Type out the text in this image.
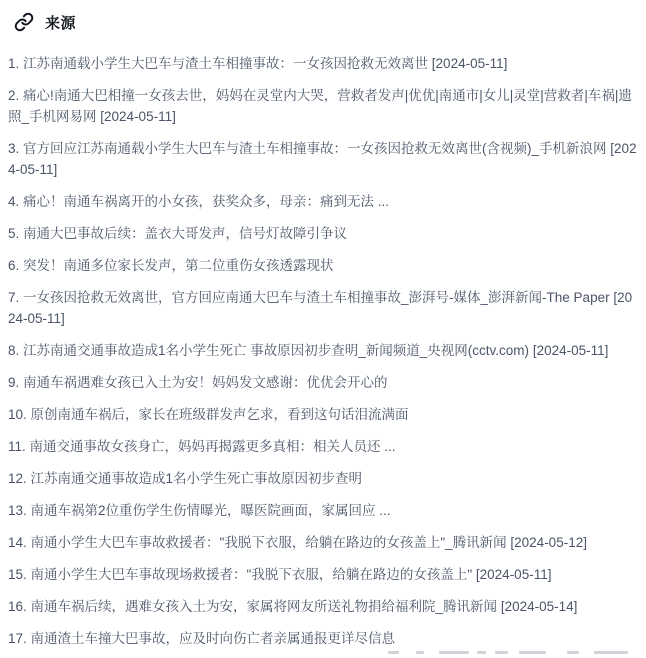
来源

1. 江苏南通载小学生大巴车与渣土车相撞事故：一女孩因抢救无效离世 [2024-05-11]

2. 痛心!南通大巴相撞一女孩去世，妈妈在灵堂内大哭，营救者发声|优优|南通市|女儿|灵堂|营救者|车祸|遗照_手机网易网 [2024-05-11]

3. 官方回应江苏南通载小学生大巴车与渣土车相撞事故：一女孩因抢救无效离世(含视频)_手机新浪网 [2024-05-11]

4. 痛心！南通车祸离开的小女孩，获奖众多，母亲：痛到无法 ...

5. 南通大巴事故后续：盖衣大哥发声，信号灯故障引争议

6. 突发！南通多位家长发声，第二位重伤女孩透露现状

7. 一女孩因抢救无效离世，官方回应南通大巴车与渣土车相撞事故_澎湃号-媒体_澎湃新闻-The Paper [2024-05-11]

8. 江苏南通交通事故造成1名小学生死亡 事故原因初步查明_新闻频道_央视网(cctv.com) [2024-05-11]

9. 南通车祸遇难女孩已入土为安！妈妈发文感谢：优优会开心的

10. 原创南通车祸后，家长在班级群发声乞求，看到这句话泪流满面

11. 南通交通事故女孩身亡，妈妈再揭露更多真相：相关人员还 ...

12. 江苏南通交通事故造成1名小学生死亡事故原因初步查明

13. 南通车祸第2位重伤学生伤情曝光，曝医院画面，家属回应 ...

14. 南通小学生大巴车事故救援者："我脱下衣服，给躺在路边的女孩盖上"_腾讯新闻 [2024-05-12]

15. 南通小学生大巴车事故现场救援者："我脱下衣服，给躺在路边的女孩盖上" [2024-05-11]

16. 南通车祸后续，遇难女孩入土为安，家属将网友所送礼物捐给福利院_腾讯新闻 [2024-05-14]

17. 南通渣土车撞大巴事故，应及时向伤亡者亲属通报更详尽信息
